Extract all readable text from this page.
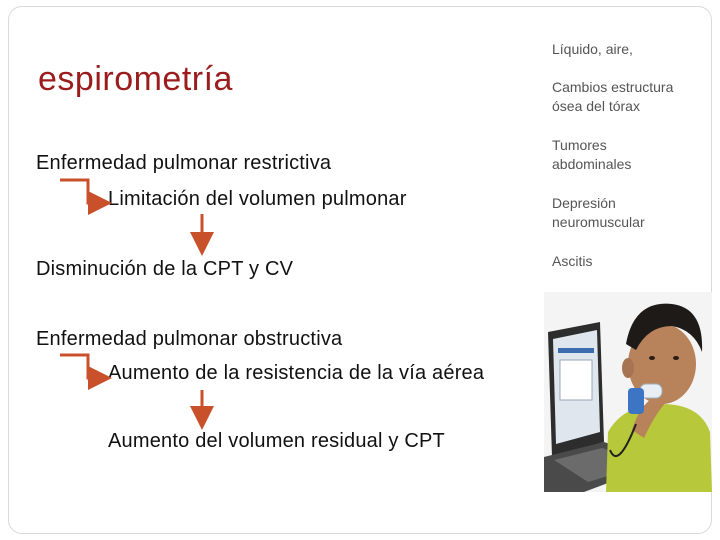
espirometría
Enfermedad pulmonar restrictiva
Limitación del volumen pulmonar
Disminución de la CPT y CV
Enfermedad pulmonar obstructiva
Aumento de la resistencia de la vía aérea
Aumento del volumen residual y CPT
Líquido, aire,
Cambios estructura
ósea del tórax
Tumores
abdominales
Depresión
neuromuscular
Ascitis
